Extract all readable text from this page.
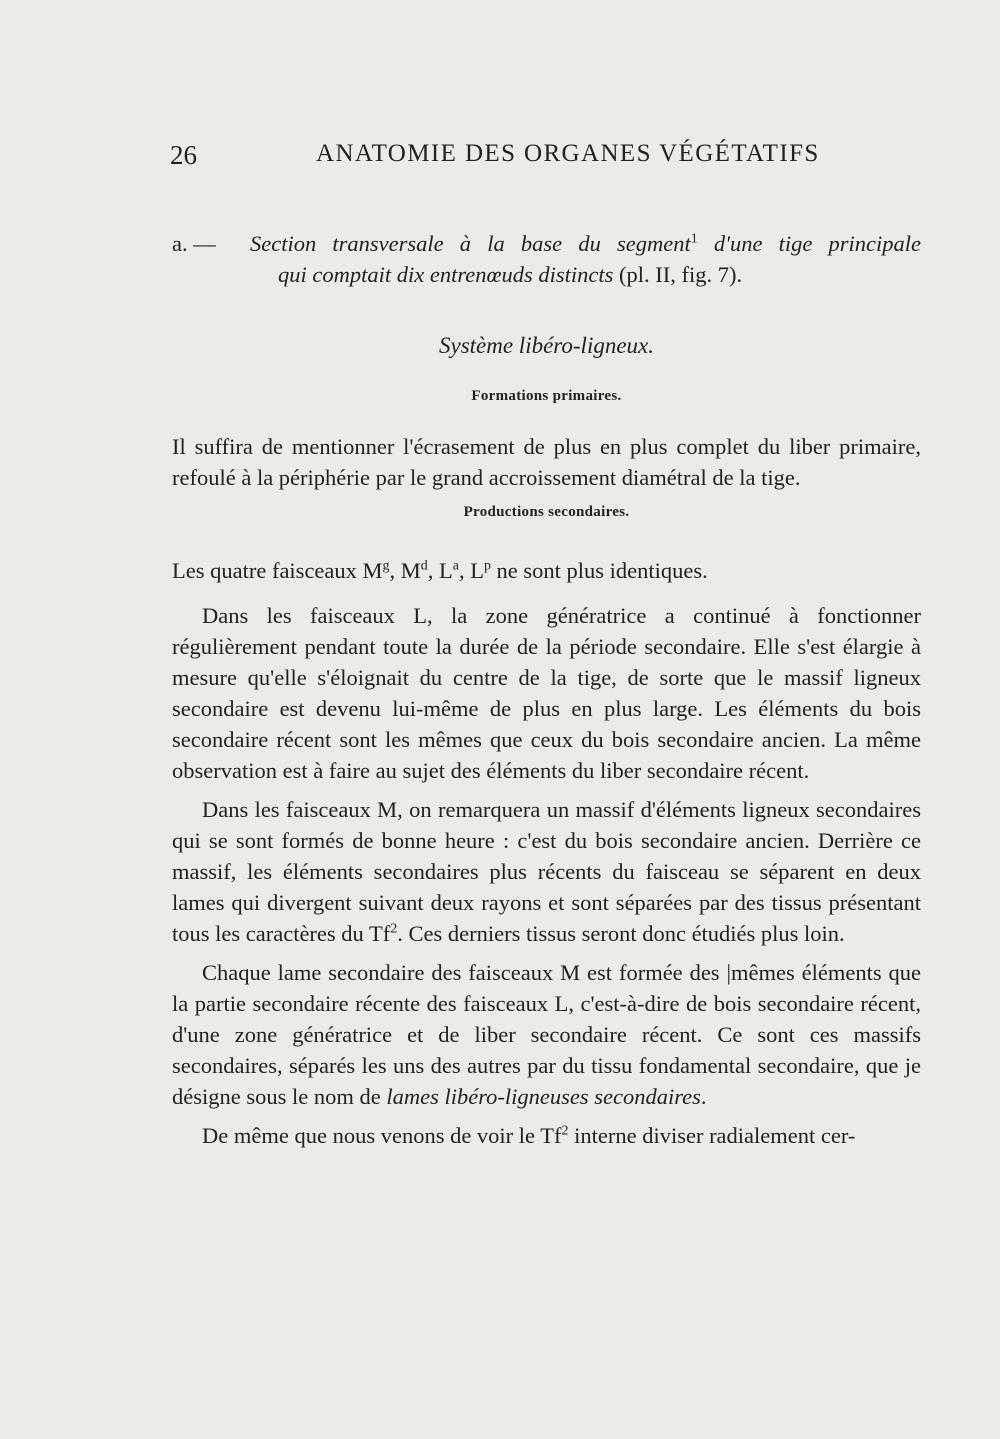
26	ANATOMIE DES ORGANES VÉGÉTATIFS
a. —	Section transversale à la base du segment$^1$ d'une tige principale
qui comptait dix entrenœuds distincts (pl. II, fig. 7).
Système libéro-ligneux.
Formations primaires.

Il suffira de mentionner l'écrasement de plus en plus complet du liber primaire, refoulé à la périphérie par le grand accroissement diamétral de la tige.

Productions secondaires.

Les quatre faisceaux $M^g$, $M^d$, $L^a$, $L^p$ ne sont plus identiques.

Dans les faisceaux L, la zone génératrice a continué à fonctionner régulièrement pendant toute la durée de la période secondaire. Elle s'est élargie à mesure qu'elle s'éloignait du centre de la tige, de sorte que le massif ligneux secondaire est devenu lui-même de plus en plus large. Les éléments du bois secondaire récent sont les mêmes que ceux du bois secondaire ancien. La même observation est à faire au sujet des éléments du liber secondaire récent.

Dans les faisceaux M, on remarquera un massif d'éléments ligneux secondaires qui se sont formés de bonne heure : c'est du bois secondaire ancien. Derrière ce massif, les éléments secondaires plus récents du faisceau se séparent en deux lames qui divergent suivant deux rayons et sont séparées par des tissus présentant tous les caractères du Tf$^2$. Ces derniers tissus seront donc étudiés plus loin.

Chaque lame secondaire des faisceaux M est formée des |mêmes éléments que la partie secondaire récente des faisceaux L, c'est-à-dire de bois secondaire récent, d'une zone génératrice et de liber secondaire récent. Ce sont ces massifs secondaires, séparés les uns des autres par du tissu fondamental secondaire, que je désigne sous le nom de lames libéro-ligneuses secondaires.

De même que nous venons de voir le Tf$^2$ interne diviser radialement cer-
